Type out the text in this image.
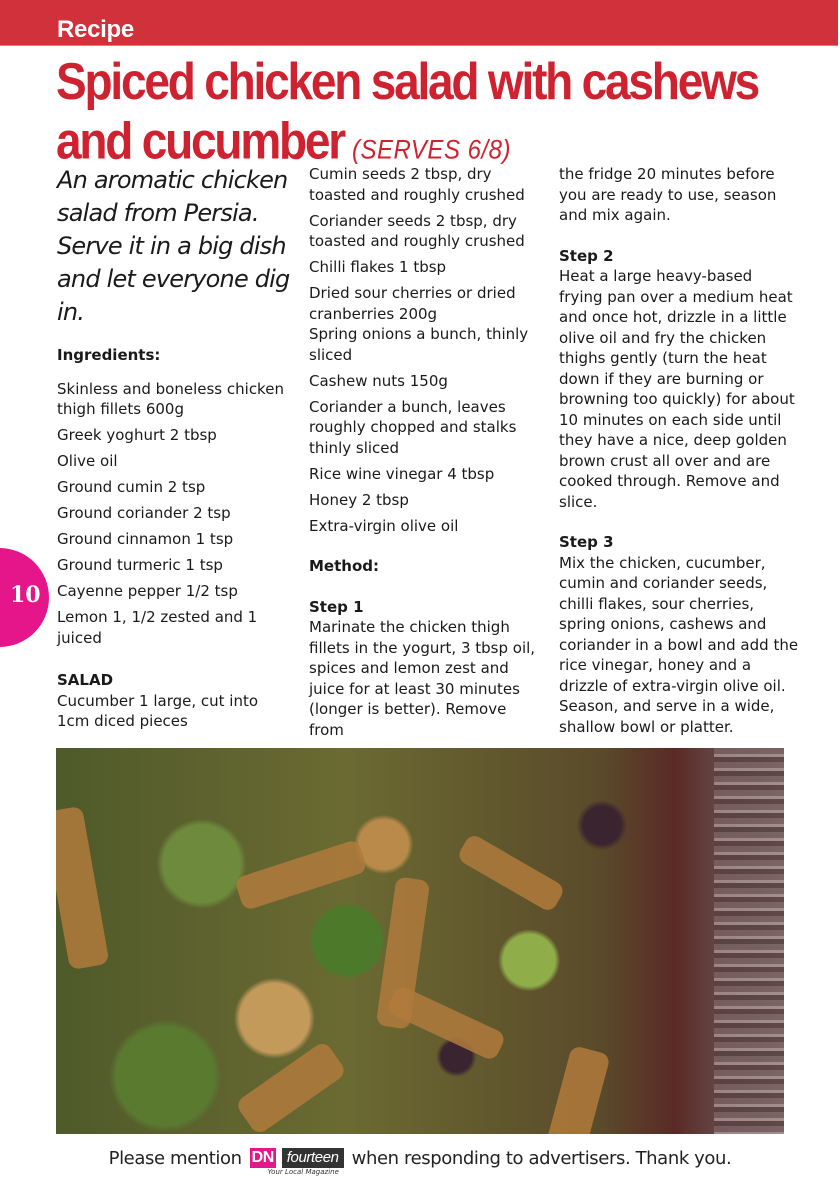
Recipe
Spiced chicken salad with cashews and cucumber (SERVES 6/8)
10

An aromatic chicken salad from Persia. Serve it in a big dish and let everyone dig in.

Ingredients:
Skinless and boneless chicken thigh fillets 600g
Greek yoghurt 2 tbsp
Olive oil
Ground cumin 2 tsp
Ground coriander 2 tsp
Ground cinnamon 1 tsp
Ground turmeric 1 tsp
Cayenne pepper 1/2 tsp
Lemon 1, 1/2 zested and 1 juiced
SALAD
Cucumber 1 large, cut into 1cm diced pieces
Cumin seeds 2 tbsp, dry toasted and roughly crushed
Coriander seeds 2 tbsp, dry toasted and roughly crushed
Chilli flakes 1 tbsp
Dried sour cherries or dried cranberries 200g
Spring onions a bunch, thinly sliced
Cashew nuts 150g
Coriander a bunch, leaves roughly chopped and stalks thinly sliced
Rice wine vinegar 4 tbsp
Honey 2 tbsp
Extra-virgin olive oil
Method:
Step 1
Marinate the chicken thigh fillets in the yogurt, 3 tbsp oil, spices and lemon zest and juice for at least 30 minutes (longer is better). Remove from
the fridge 20 minutes before you are ready to use, season and mix again.
Step 2
Heat a large heavy-based frying pan over a medium heat and once hot, drizzle in a little olive oil and fry the chicken thighs gently (turn the heat down if they are burning or browning too quickly) for about 10 minutes on each side until they have a nice, deep golden brown crust all over and are cooked through. Remove and slice.
Step 3
Mix the chicken, cucumber, cumin and coriander seeds, chilli flakes, sour cherries, spring onions, cashews and coriander in a bowl and add the rice vinegar, honey and a drizzle of extra-virgin olive oil. Season, and serve in a wide, shallow bowl or platter.
Please mention DN fourteen
Your Local Magazine
when responding to advertisers. Thank you.
